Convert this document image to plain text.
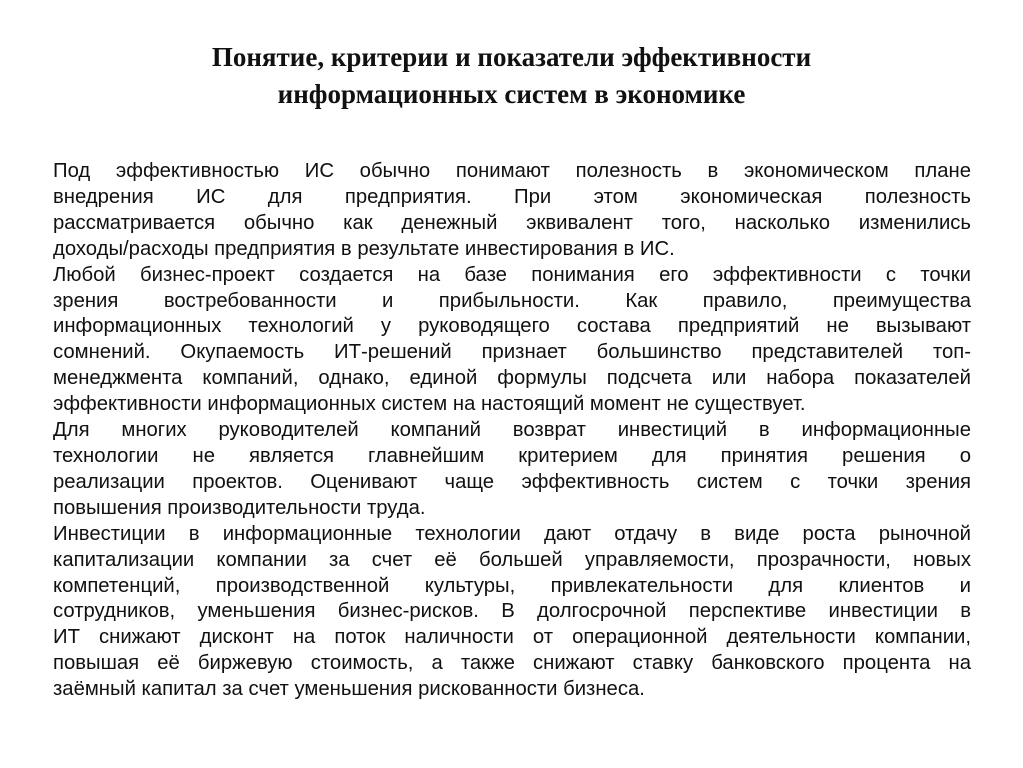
Понятие, критерии и показатели эффективности
информационных систем в экономике

Под эффективностью ИС обычно понимают полезность в экономическом плане
внедрения ИС для предприятия. При этом экономическая полезность
рассматривается обычно как денежный эквивалент того, насколько изменились
доходы/расходы предприятия в результате инвестирования в ИС.

Любой бизнес-проект создается на базе понимания его эффективности с точки
зрения востребованности и прибыльности. Как правило, преимущества
информационных технологий у руководящего состава предприятий не вызывают
сомнений. Окупаемость ИТ-решений признает большинство представителей топ-
менеджмента компаний, однако, единой формулы подсчета или набора показателей
эффективности информационных систем на настоящий момент не существует.

Для многих руководителей компаний возврат инвестиций в информационные
технологии не является главнейшим критерием для принятия решения о
реализации проектов. Оценивают чаще эффективность систем с точки зрения
повышения производительности труда.

Инвестиции в информационные технологии дают отдачу в виде роста рыночной
капитализации компании за счет её большей управляемости, прозрачности, новых
компетенций, производственной культуры, привлекательности для клиентов и
сотрудников, уменьшения бизнес-рисков. В долгосрочной перспективе инвестиции в
ИТ снижают дисконт на поток наличности от операционной деятельности компании,
повышая её биржевую стоимость, а также снижают ставку банковского процента на
заёмный капитал за счет уменьшения рискованности бизнеса.
